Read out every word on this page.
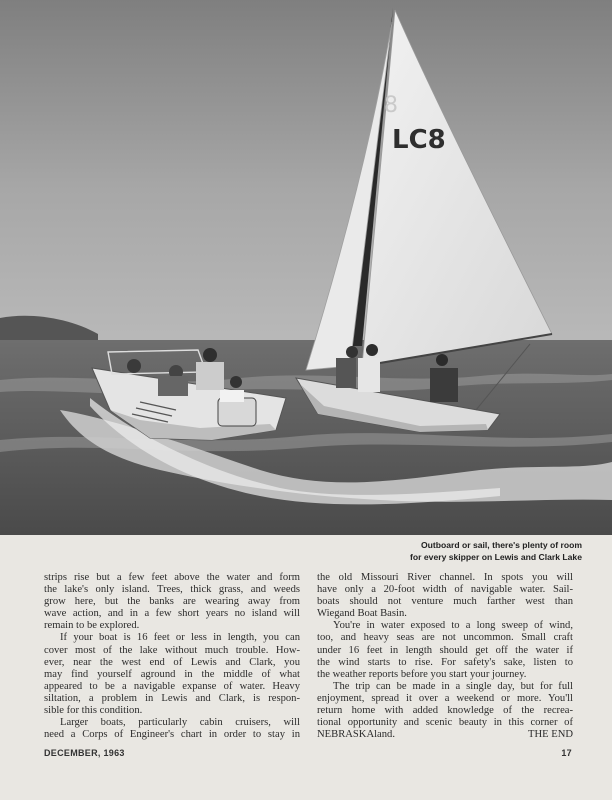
LC8
8
Outboard or sail, there's plenty of room
for every skipper on Lewis and Clark Lake
strips rise but a few feet above the water and form
the lake's only island. Trees, thick grass, and weeds
grow here, but the banks are wearing away from
wave action, and in a few short years no island will
remain to be explored.
If your boat is 16 feet or less in length, you can
cover most of the lake without much trouble. How-
ever, near the west end of Lewis and Clark, you
may find yourself aground in the middle of what
appeared to be a navigable expanse of water. Heavy
siltation, a problem in Lewis and Clark, is respon-
sible for this condition.
Larger boats, particularly cabin cruisers, will
need a Corps of Engineer's chart in order to stay in
the old Missouri River channel. In spots you will
have only a 20-foot width of navigable water. Sail-
boats should not venture much farther west than
Wiegand Boat Basin.
You're in water exposed to a long sweep of wind,
too, and heavy seas are not uncommon. Small craft
under 16 feet in length should get off the water if
the wind starts to rise. For safety's sake, listen to
the weather reports before you start your journey.
The trip can be made in a single day, but for full
enjoyment, spread it over a weekend or more. You'll
return home with added knowledge of the recrea-
tional opportunity and scenic beauty in this corner of
NEBRASKAland.	THE END
DECEMBER, 1963	17
